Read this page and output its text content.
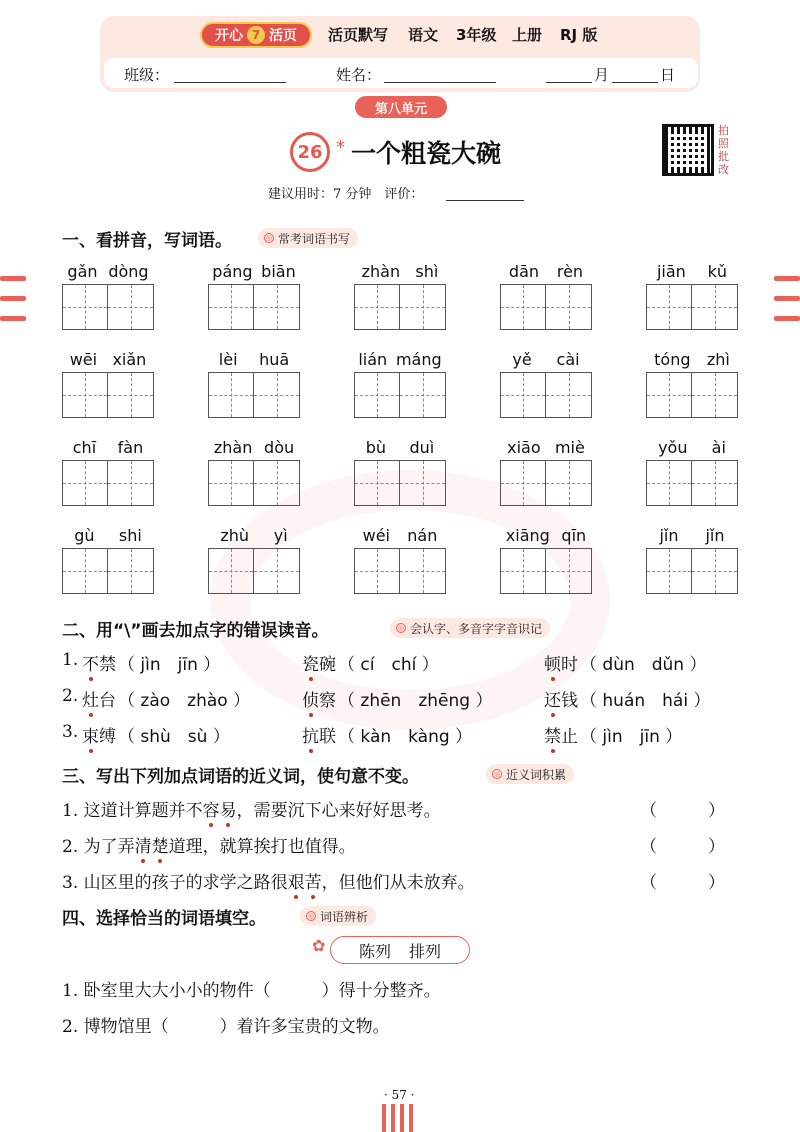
开心 7 活页 活页默写 语文 3年级 上册 RJ 版
班级：	姓名：	月	日
第八单元
26 * 一个粗瓷大碗
建议用时：7 分钟　评价：
拍照批改
一、看拼音，写词语。	◎ 常考词语书写
gǎn dòng	páng biān	zhàn shì	dān rèn	jiān kǔ
wēi xiǎn	lèi huā	lián máng	yě cài	tóng zhì
chī fàn	zhàn dòu	bù duì	xiāo miè	yǒu ài
gù shi	zhù yì	wéi nán	xiāng qīn	jǐn jǐn
二、用“\”画去加点字的错误读音。	◎ 会认字、多音字字音识记
1. 不禁 （ jìn　jīn ）	瓷碗 （ cí　chí ）	顿时 （ dùn　dǔn ）
2. 灶台 （ zào　zhào ）	侦察 （ zhēn　zhēng ）	还钱 （ huán　hái ）
3. 束缚 （ shù　sù ）	抗联 （ kàn　kàng ）	禁止 （ jìn　jīn ）
三、写出下列加点词语的近义词，使句意不变。	◎ 近义词积累
1. 这道计算题并不容易，需要沉下心来好好思考。	（　　　）
2. 为了弄清楚道理，就算挨打也值得。	（　　　）
3. 山区里的孩子的求学之路很艰苦，但他们从未放弃。	（　　　）
四、选择恰当的词语填空。	◎ 词语辨析
✿ 陈列 排列
1. 卧室里大大小小的物件（　　　）得十分整齐。
2. 博物馆里（　　　）着许多宝贵的文物。
· 57 ·
